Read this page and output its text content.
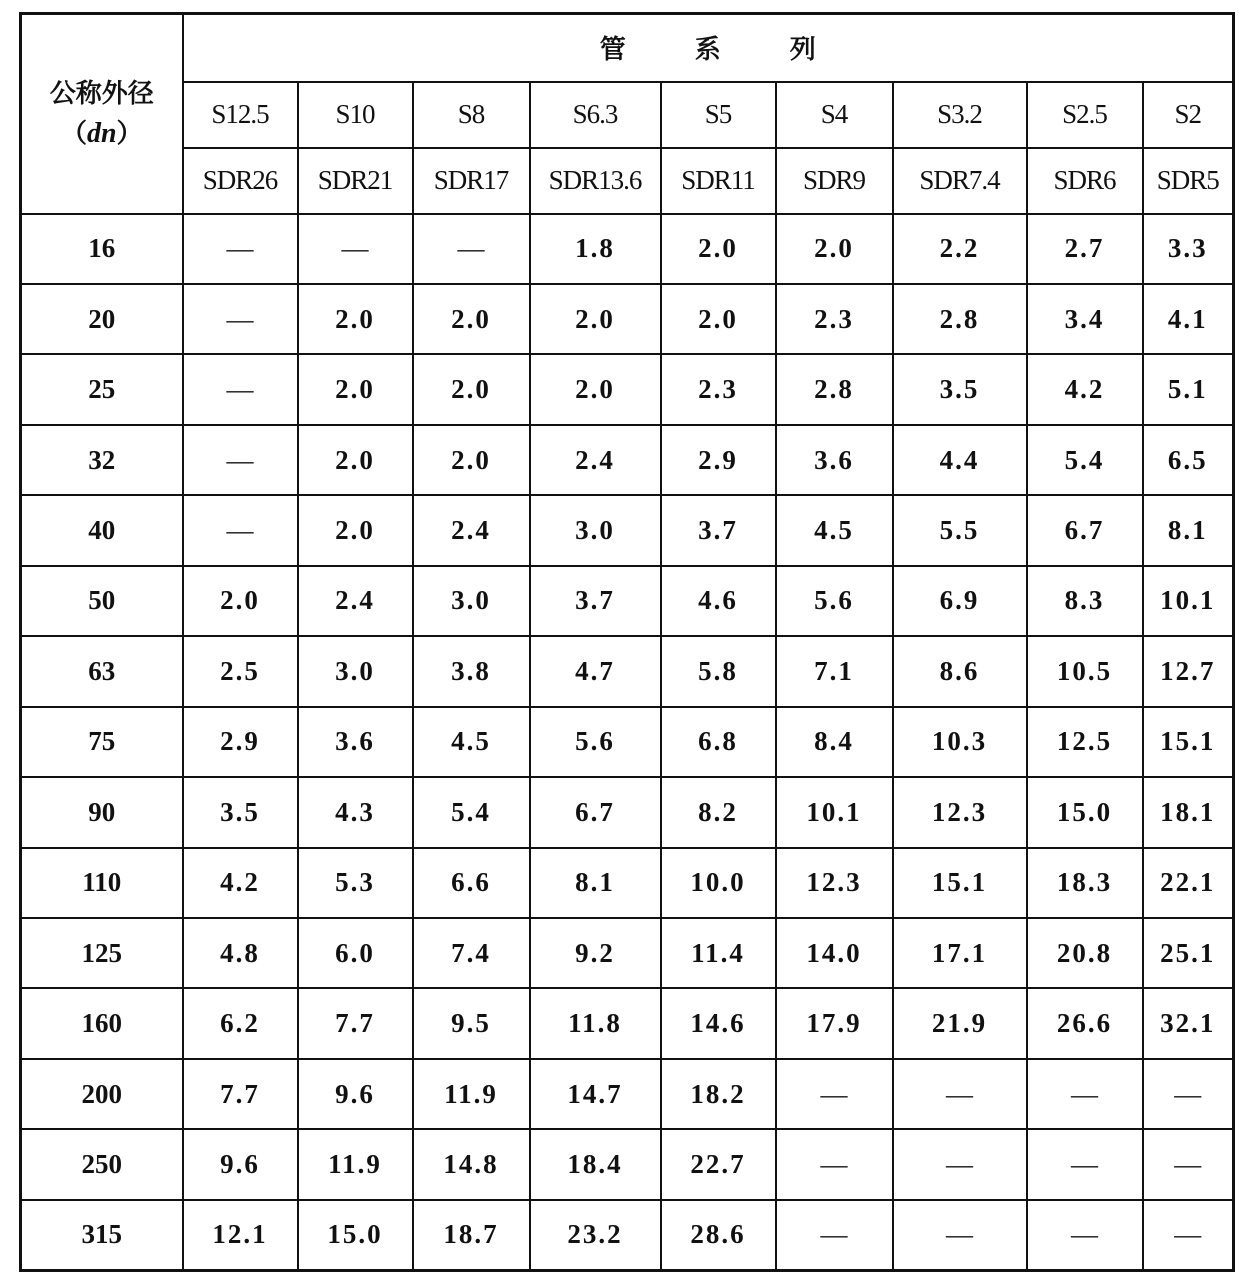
公称外径
（dn）	管 系 列								
	S12.5	S10	S8	S6.3	S5	S4	S3.2	S2.5	S2
	SDR26	SDR21	SDR17	SDR13.6	SDR11	SDR9	SDR7.4	SDR6	SDR5
16	—	—	—	1.8	2.0	2.0	2.2	2.7	3.3
20	—	2.0	2.0	2.0	2.0	2.3	2.8	3.4	4.1
25	—	2.0	2.0	2.0	2.3	2.8	3.5	4.2	5.1
32	—	2.0	2.0	2.4	2.9	3.6	4.4	5.4	6.5
40	—	2.0	2.4	3.0	3.7	4.5	5.5	6.7	8.1
50	2.0	2.4	3.0	3.7	4.6	5.6	6.9	8.3	10.1
63	2.5	3.0	3.8	4.7	5.8	7.1	8.6	10.5	12.7
75	2.9	3.6	4.5	5.6	6.8	8.4	10.3	12.5	15.1
90	3.5	4.3	5.4	6.7	8.2	10.1	12.3	15.0	18.1
110	4.2	5.3	6.6	8.1	10.0	12.3	15.1	18.3	22.1
125	4.8	6.0	7.4	9.2	11.4	14.0	17.1	20.8	25.1
160	6.2	7.7	9.5	11.8	14.6	17.9	21.9	26.6	32.1
200	7.7	9.6	11.9	14.7	18.2	—	—	—	—
250	9.6	11.9	14.8	18.4	22.7	—	—	—	—
315	12.1	15.0	18.7	23.2	28.6	—	—	—	—
